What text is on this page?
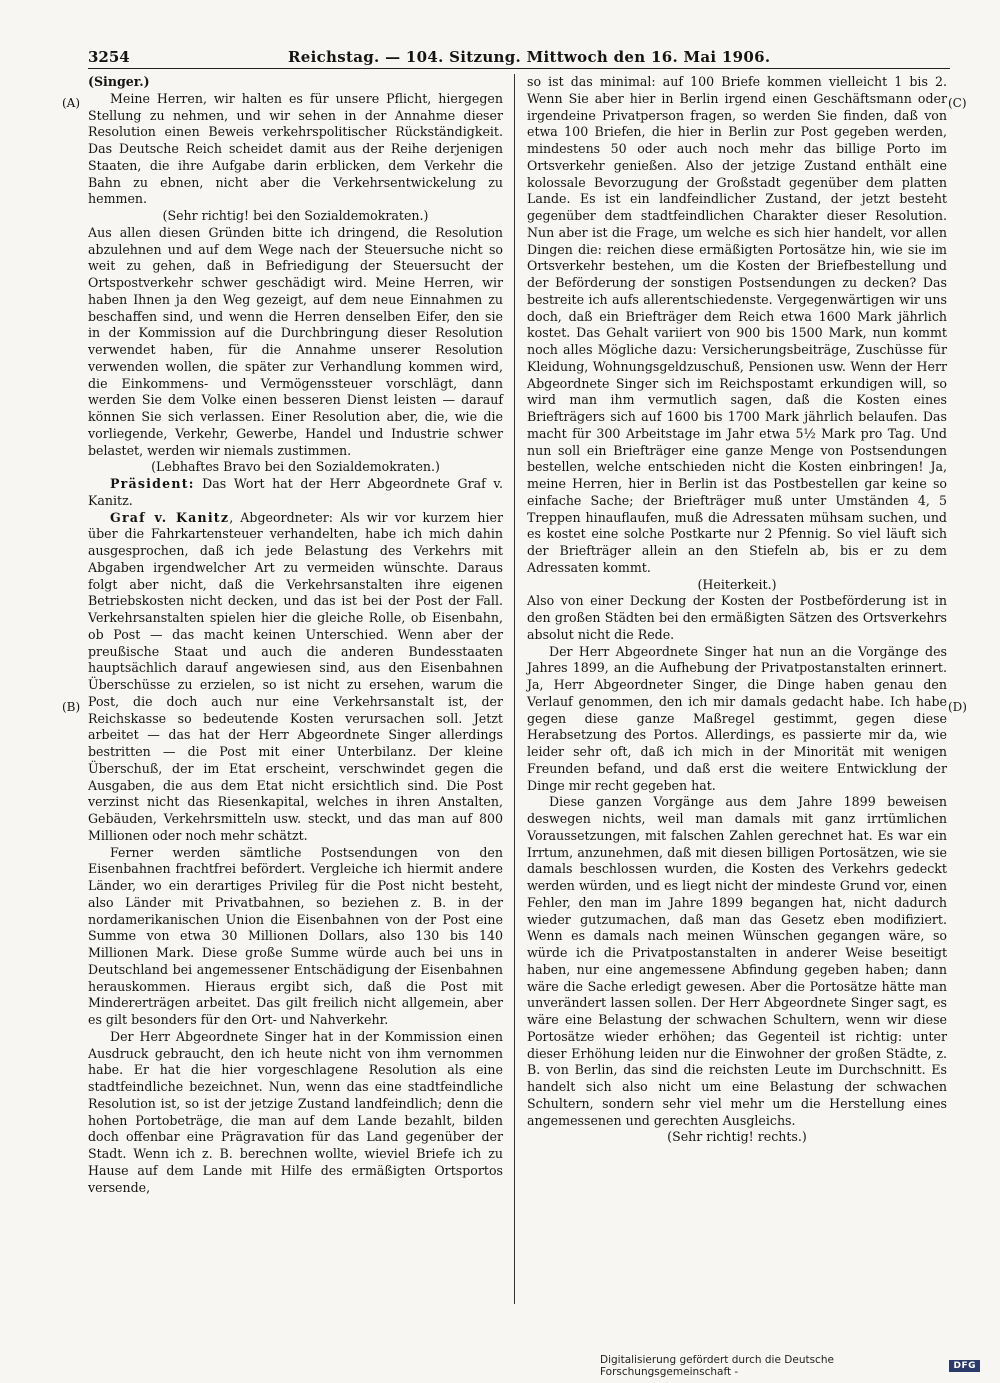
3254	Reichstag. — 104. Sitzung. Mittwoch den 16. Mai 1906.
(A)
(B)
(C)
(D)

(Singer.)

Meine Herren, wir halten es für unsere Pflicht, hiergegen Stellung zu nehmen, und wir sehen in der Annahme dieser Resolution einen Beweis verkehrspolitischer Rückständigkeit. Das Deutsche Reich scheidet damit aus der Reihe derjenigen Staaten, die ihre Aufgabe darin erblicken, dem Verkehr die Bahn zu ebnen, nicht aber die Verkehrsentwickelung zu hemmen.

(Sehr richtig! bei den Sozialdemokraten.)

Aus allen diesen Gründen bitte ich dringend, die Resolution abzulehnen und auf dem Wege nach der Steuersuche nicht so weit zu gehen, daß in Befriedigung der Steuersucht der Ortspostverkehr schwer geschädigt wird. Meine Herren, wir haben Ihnen ja den Weg gezeigt, auf dem neue Einnahmen zu beschaffen sind, und wenn die Herren denselben Eifer, den sie in der Kommission auf die Durchbringung dieser Resolution verwendet haben, für die Annahme unserer Resolution verwenden wollen, die später zur Verhandlung kommen wird, die Einkommens- und Vermögenssteuer vorschlägt, dann werden Sie dem Volke einen besseren Dienst leisten — darauf können Sie sich verlassen. Einer Resolution aber, die, wie die vorliegende, Verkehr, Gewerbe, Handel und Industrie schwer belastet, werden wir niemals zustimmen.

(Lebhaftes Bravo bei den Sozialdemokraten.)

Präsident: Das Wort hat der Herr Abgeordnete Graf v. Kanitz.

Graf v. Kanitz, Abgeordneter: Als wir vor kurzem hier über die Fahrkartensteuer verhandelten, habe ich mich dahin ausgesprochen, daß ich jede Belastung des Verkehrs mit Abgaben irgendwelcher Art zu vermeiden wünschte. Daraus folgt aber nicht, daß die Verkehrsanstalten ihre eigenen Betriebskosten nicht decken, und das ist bei der Post der Fall. Verkehrsanstalten spielen hier die gleiche Rolle, ob Eisenbahn, ob Post — das macht keinen Unterschied. Wenn aber der preußische Staat und auch die anderen Bundesstaaten hauptsächlich darauf angewiesen sind, aus den Eisenbahnen Überschüsse zu erzielen, so ist nicht zu ersehen, warum die Post, die doch auch nur eine Verkehrsanstalt ist, der Reichskasse so bedeutende Kosten verursachen soll. Jetzt arbeitet — das hat der Herr Abgeordnete Singer allerdings bestritten — die Post mit einer Unterbilanz. Der kleine Überschuß, der im Etat erscheint, verschwindet gegen die Ausgaben, die aus dem Etat nicht ersichtlich sind. Die Post verzinst nicht das Riesenkapital, welches in ihren Anstalten, Gebäuden, Verkehrsmitteln usw. steckt, und das man auf 800 Millionen oder noch mehr schätzt.

Ferner werden sämtliche Postsendungen von den Eisenbahnen frachtfrei befördert. Vergleiche ich hiermit andere Länder, wo ein derartiges Privileg für die Post nicht besteht, also Länder mit Privatbahnen, so beziehen z. B. in der nordamerikanischen Union die Eisenbahnen von der Post eine Summe von etwa 30 Millionen Dollars, also 130 bis 140 Millionen Mark. Diese große Summe würde auch bei uns in Deutschland bei angemessener Entschädigung der Eisenbahnen herauskommen. Hieraus ergibt sich, daß die Post mit Mindererträgen arbeitet. Das gilt freilich nicht allgemein, aber es gilt besonders für den Ort- und Nahverkehr.

Der Herr Abgeordnete Singer hat in der Kommission einen Ausdruck gebraucht, den ich heute nicht von ihm vernommen habe. Er hat die hier vorgeschlagene Resolution als eine stadtfeindliche bezeichnet. Nun, wenn das eine stadtfeindliche Resolution ist, so ist der jetzige Zustand landfeindlich; denn die hohen Portobeträge, die man auf dem Lande bezahlt, bilden doch offenbar eine Prägravation für das Land gegenüber der Stadt. Wenn ich z. B. berechnen wollte, wieviel Briefe ich zu Hause auf dem Lande mit Hilfe des ermäßigten Ortsportos versende,

so ist das minimal: auf 100 Briefe kommen vielleicht 1 bis 2. Wenn Sie aber hier in Berlin irgend einen Geschäftsmann oder irgendeine Privatperson fragen, so werden Sie finden, daß von etwa 100 Briefen, die hier in Berlin zur Post gegeben werden, mindestens 50 oder auch noch mehr das billige Porto im Ortsverkehr genießen. Also der jetzige Zustand enthält eine kolossale Bevorzugung der Großstadt gegenüber dem platten Lande. Es ist ein landfeindlicher Zustand, der jetzt besteht gegenüber dem stadtfeindlichen Charakter dieser Resolution. Nun aber ist die Frage, um welche es sich hier handelt, vor allen Dingen die: reichen diese ermäßigten Portosätze hin, wie sie im Ortsverkehr bestehen, um die Kosten der Briefbestellung und der Beförderung der sonstigen Postsendungen zu decken? Das bestreite ich aufs allerentschiedenste. Vergegenwärtigen wir uns doch, daß ein Briefträger dem Reich etwa 1600 Mark jährlich kostet. Das Gehalt variiert von 900 bis 1500 Mark, nun kommt noch alles Mögliche dazu: Versicherungsbeiträge, Zuschüsse für Kleidung, Wohnungsgeldzuschuß, Pensionen usw. Wenn der Herr Abgeordnete Singer sich im Reichspostamt erkundigen will, so wird man ihm vermutlich sagen, daß die Kosten eines Briefträgers sich auf 1600 bis 1700 Mark jährlich belaufen. Das macht für 300 Arbeitstage im Jahr etwa 5½ Mark pro Tag. Und nun soll ein Briefträger eine ganze Menge von Postsendungen bestellen, welche entschieden nicht die Kosten einbringen! Ja, meine Herren, hier in Berlin ist das Postbestellen gar keine so einfache Sache; der Briefträger muß unter Umständen 4, 5 Treppen hinauflaufen, muß die Adressaten mühsam suchen, und es kostet eine solche Postkarte nur 2 Pfennig. So viel läuft sich der Briefträger allein an den Stiefeln ab, bis er zu dem Adressaten kommt.

(Heiterkeit.)

Also von einer Deckung der Kosten der Postbeförderung ist in den großen Städten bei den ermäßigten Sätzen des Ortsverkehrs absolut nicht die Rede.

Der Herr Abgeordnete Singer hat nun an die Vorgänge des Jahres 1899, an die Aufhebung der Privatpostanstalten erinnert. Ja, Herr Abgeordneter Singer, die Dinge haben genau den Verlauf genommen, den ich mir damals gedacht habe. Ich habe gegen diese ganze Maßregel gestimmt, gegen diese Herabsetzung des Portos. Allerdings, es passierte mir da, wie leider sehr oft, daß ich mich in der Minorität mit wenigen Freunden befand, und daß erst die weitere Entwicklung der Dinge mir recht gegeben hat.

Diese ganzen Vorgänge aus dem Jahre 1899 beweisen deswegen nichts, weil man damals mit ganz irrtümlichen Voraussetzungen, mit falschen Zahlen gerechnet hat. Es war ein Irrtum, anzunehmen, daß mit diesen billigen Portosätzen, wie sie damals beschlossen wurden, die Kosten des Verkehrs gedeckt werden würden, und es liegt nicht der mindeste Grund vor, einen Fehler, den man im Jahre 1899 begangen hat, nicht dadurch wieder gutzumachen, daß man das Gesetz eben modifiziert. Wenn es damals nach meinen Wünschen gegangen wäre, so würde ich die Privatpostanstalten in anderer Weise beseitigt haben, nur eine angemessene Abfindung gegeben haben; dann wäre die Sache erledigt gewesen. Aber die Portosätze hätte man unverändert lassen sollen. Der Herr Abgeordnete Singer sagt, es wäre eine Belastung der schwachen Schultern, wenn wir diese Portosätze wieder erhöhen; das Gegenteil ist richtig: unter dieser Erhöhung leiden nur die Einwohner der großen Städte, z. B. von Berlin, das sind die reichsten Leute im Durchschnitt. Es handelt sich also nicht um eine Belastung der schwachen Schultern, sondern sehr viel mehr um die Herstellung eines angemessenen und gerechten Ausgleichs.

(Sehr richtig! rechts.)

Digitalisierung gefördert durch die Deutsche Forschungsgemeinschaft -	DFG
